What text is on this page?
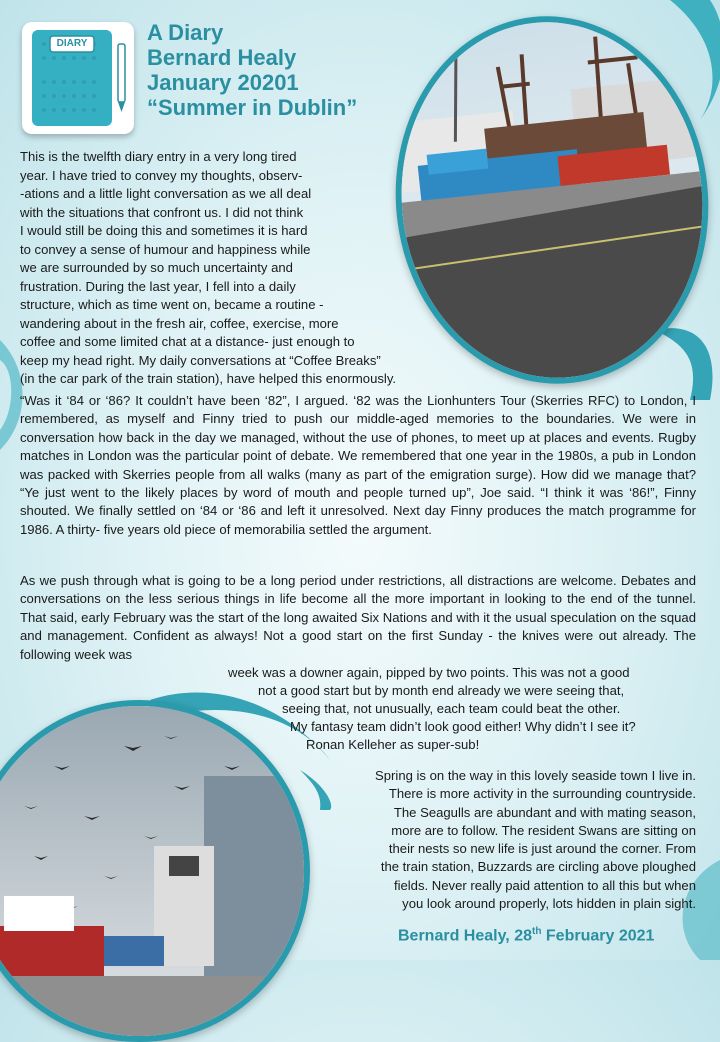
DIARY	A Diary
Bernard Healy
January 20201
“Summer in Dublin”
This is the twelfth diary entry in a very long tired
year. I have tried to convey my thoughts, observ-
-ations and a little light conversation as we all deal
with the situations that confront us. I did not think
I would still be doing this and sometimes it is hard
to convey a sense of humour and happiness while
we are surrounded by so much uncertainty and
frustration. During the last year, I fell into a daily
structure, which as time went on, became a routine -
wandering about in the fresh air, coffee, exercise, more
coffee and some limited chat at a distance- just enough to
keep my head right. My daily conversations at “Coffee Breaks”
(in the car park of the train station), have helped this enormously.
“Was it ‘84 or ‘86? It couldn’t have been ‘82”, I argued. ‘82 was the Lionhunters Tour (Skerries RFC) to London, I remembered, as myself and Finny tried to push our middle-aged memories to the boundaries. We were in conversation how back in the day we managed, without the use of phones, to meet up at places and events. Rugby matches in London was the particular point of debate. We remembered that one year in the 1980s, a pub in London was packed with Skerries people from all walks (many as part of the emigration surge). How did we manage that? “Ye just went to the likely places by word of mouth and people turned up”, Joe said. “I think it was ‘86!”, Finny shouted. We finally settled on ‘84 or ‘86 and left it unresolved. Next day Finny produces the match programme for 1986. A thirty- five years old piece of memorabilia settled the argument.
As we push through what is going to be a long period under restrictions, all distractions are welcome. Debates and conversations on the less serious things in life become all the more important in looking to the end of the tunnel. That said, early February was the start of the long awaited Six Nations and with it the usual speculation on the squad and management. Confident as always! Not a good start on the first Sunday - the knives were out already. The following week was
week was a downer again, pipped by two points. This was not a good
not a good start but by month end already we were seeing that,
seeing that, not unusually, each team could beat the other.
My fantasy team didn’t look good either! Why didn’t I see it?
Ronan Kelleher as super-sub!
Spring is on the way in this lovely seaside town I live in.
There is more activity in the surrounding countryside.
The Seagulls are abundant and with mating season,
more are to follow. The resident Swans are sitting on
their nests so new life is just around the corner. From
the train station, Buzzards are circling above ploughed
fields. Never really paid attention to all this but when
you look around properly, lots hidden in plain sight.
Bernard Healy, 28th February 2021
